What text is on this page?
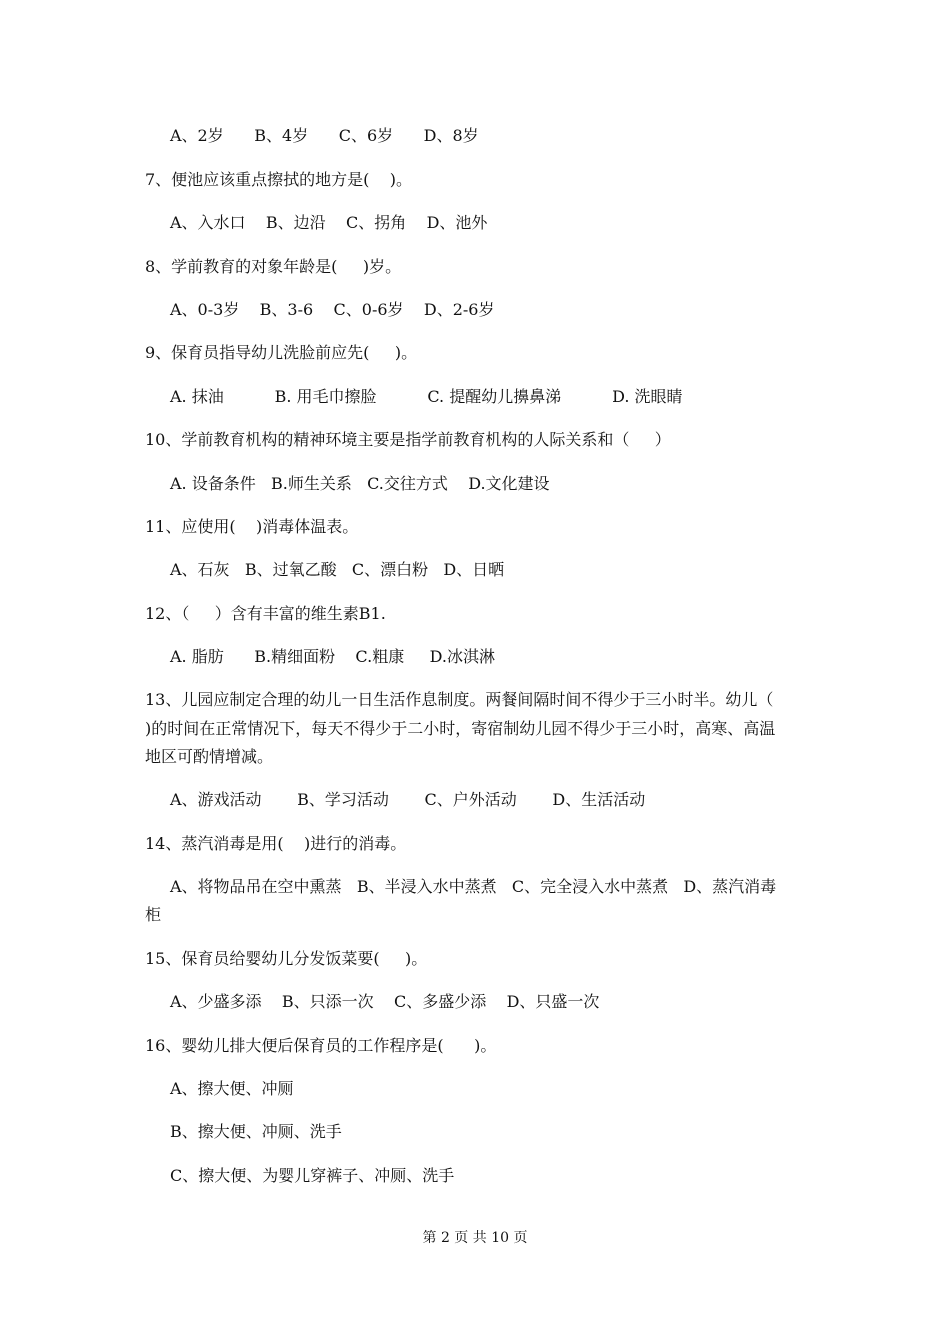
A、2岁      B、4岁      C、6岁      D、8岁
7、便池应该重点擦拭的地方是(    )。
A、入水口    B、边沿    C、拐角    D、池外
8、学前教育的对象年龄是(     )岁。
A、0-3岁    B、3-6    C、0-6岁    D、2-6岁
9、保育员指导幼儿洗脸前应先(     )。
A. 抹油          B. 用毛巾擦脸          C. 提醒幼儿擤鼻涕          D. 洗眼睛
10、学前教育机构的精神环境主要是指学前教育机构的人际关系和（     ）
A. 设备条件   B.师生关系   C.交往方式    D.文化建设
11、应使用(    )消毒体温表。
A、石灰   B、过氧乙酸   C、漂白粉   D、日晒
12、（     ）含有丰富的维生素B1.
A. 脂肪      B.精细面粉    C.粗康     D.冰淇淋
13、儿园应制定合理的幼儿一日生活作息制度。两餐间隔时间不得少于三小时半。幼儿（
)的时间在正常情况下，每天不得少于二小时，寄宿制幼儿园不得少于三小时，高寒、高温
地区可酌情增减。
A、游戏活动       B、学习活动       C、户外活动       D、生活活动
14、蒸汽消毒是用(    )进行的消毒。
A、将物品吊在空中熏蒸   B、半浸入水中蒸煮   C、完全浸入水中蒸煮   D、蒸汽消毒
柜
15、保育员给婴幼儿分发饭菜要(     )。
A、少盛多添    B、只添一次    C、多盛少添    D、只盛一次
16、婴幼儿排大便后保育员的工作程序是(      )。
A、擦大便、冲厕
B、擦大便、冲厕、洗手
C、擦大便、为婴儿穿裤子、冲厕、洗手
第 2 页 共 10 页
